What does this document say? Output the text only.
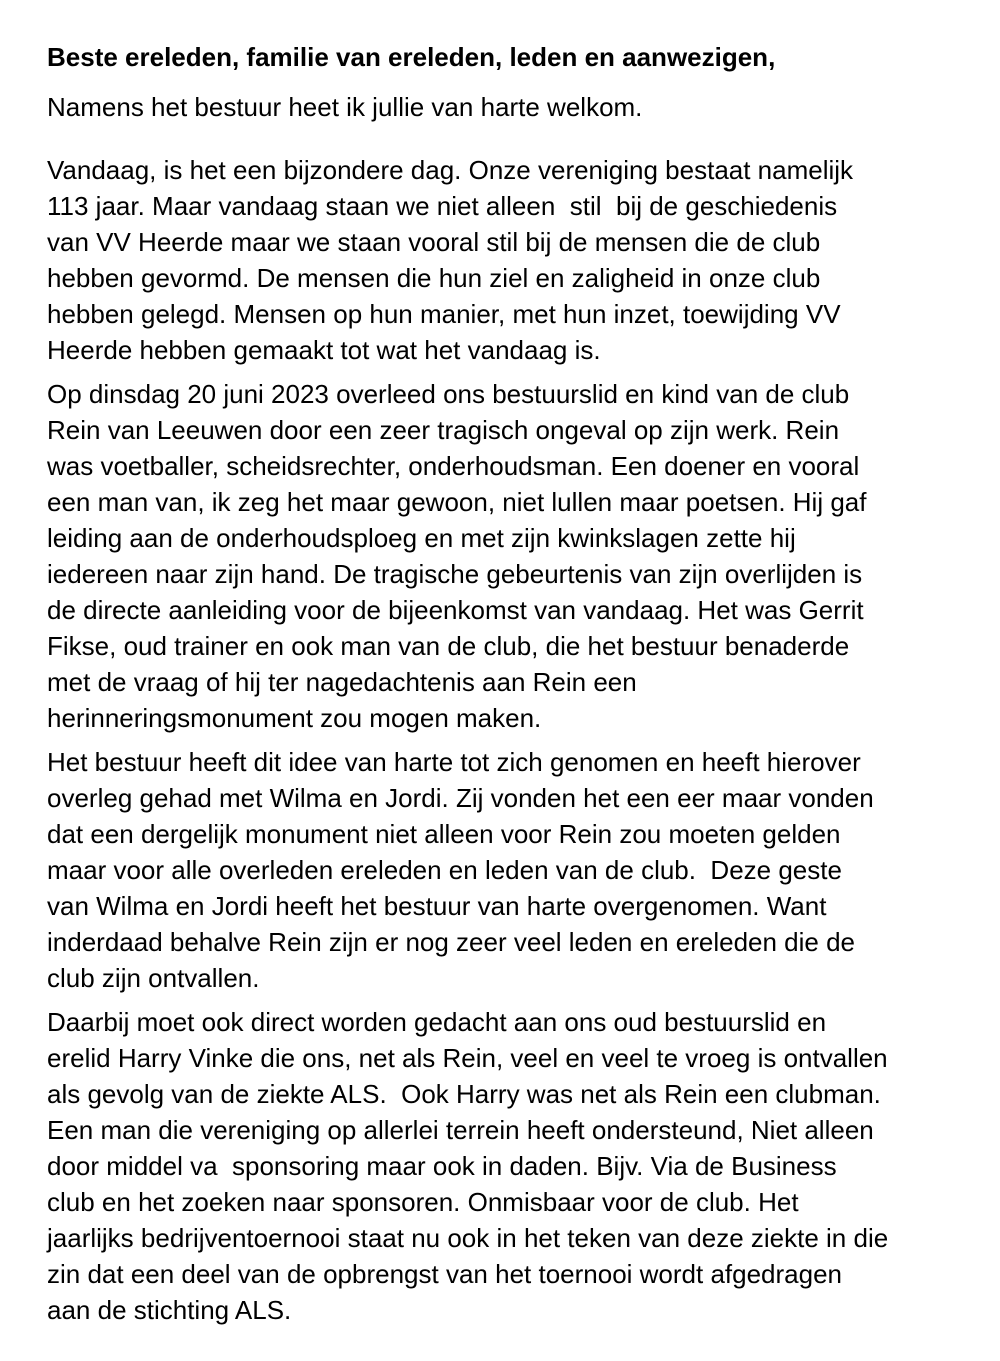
Beste ereleden, familie van ereleden, leden en aanwezigen,
Namens het bestuur heet ik jullie van harte welkom.
Vandaag, is het een bijzondere dag. Onze vereniging bestaat namelijk
113 jaar. Maar vandaag staan we niet alleen  stil  bij de geschiedenis
van VV Heerde maar we staan vooral stil bij de mensen die de club
hebben gevormd. De mensen die hun ziel en zaligheid in onze club
hebben gelegd. Mensen op hun manier, met hun inzet, toewijding VV
Heerde hebben gemaakt tot wat het vandaag is.
Op dinsdag 20 juni 2023 overleed ons bestuurslid en kind van de club
Rein van Leeuwen door een zeer tragisch ongeval op zijn werk. Rein
was voetballer, scheidsrechter, onderhoudsman. Een doener en vooral
een man van, ik zeg het maar gewoon, niet lullen maar poetsen. Hij gaf
leiding aan de onderhoudsploeg en met zijn kwinkslagen zette hij
iedereen naar zijn hand. De tragische gebeurtenis van zijn overlijden is
de directe aanleiding voor de bijeenkomst van vandaag. Het was Gerrit
Fikse, oud trainer en ook man van de club, die het bestuur benaderde
met de vraag of hij ter nagedachtenis aan Rein een
herinneringsmonument zou mogen maken.
Het bestuur heeft dit idee van harte tot zich genomen en heeft hierover
overleg gehad met Wilma en Jordi. Zij vonden het een eer maar vonden
dat een dergelijk monument niet alleen voor Rein zou moeten gelden
maar voor alle overleden ereleden en leden van de club.  Deze geste
van Wilma en Jordi heeft het bestuur van harte overgenomen. Want
inderdaad behalve Rein zijn er nog zeer veel leden en ereleden die de
club zijn ontvallen.
Daarbij moet ook direct worden gedacht aan ons oud bestuurslid en
erelid Harry Vinke die ons, net als Rein, veel en veel te vroeg is ontvallen
als gevolg van de ziekte ALS.  Ook Harry was net als Rein een clubman.
Een man die vereniging op allerlei terrein heeft ondersteund, Niet alleen
door middel va  sponsoring maar ook in daden. Bijv. Via de Business
club en het zoeken naar sponsoren. Onmisbaar voor de club. Het
jaarlijks bedrijventoernooi staat nu ook in het teken van deze ziekte in die
zin dat een deel van de opbrengst van het toernooi wordt afgedragen
aan de stichting ALS.
